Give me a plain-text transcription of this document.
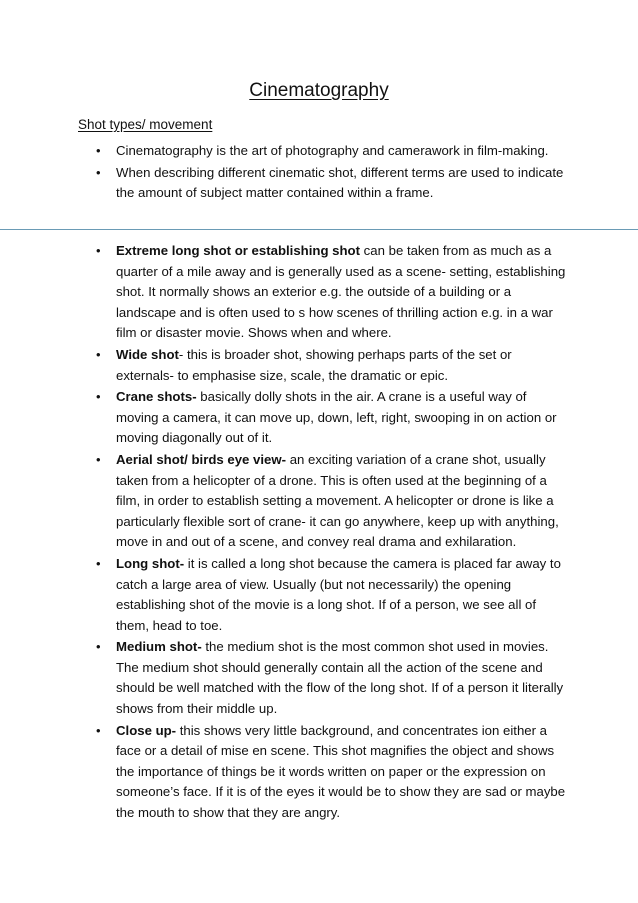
Cinematography
Shot types/ movement
• Cinematography is the art of photography and camerawork in film-making.
• When describing different cinematic shot, different terms are used to indicate the amount of subject matter contained within a frame.
• Extreme long shot or establishing shot can be taken from as much as a quarter of a mile away and is generally used as a scene- setting, establishing shot. It normally shows an exterior e.g. the outside of a building or a landscape and is often used to s how scenes of thrilling action e.g. in a war film or disaster movie. Shows when and where.
• Wide shot- this is broader shot, showing perhaps parts of the set or externals- to emphasise size, scale, the dramatic or epic.
• Crane shots- basically dolly shots in the air. A crane is a useful way of moving a camera, it can move up, down, left, right, swooping in on action or moving diagonally out of it.
• Aerial shot/ birds eye view- an exciting variation of a crane shot, usually taken from a helicopter of a drone. This is often used at the beginning of a film, in order to establish setting a movement. A helicopter or drone is like a particularly flexible sort of crane- it can go anywhere, keep up with anything, move in and out of a scene, and convey real drama and exhilaration.
• Long shot- it is called a long shot because the camera is placed far away to catch a large area of view. Usually (but not necessarily) the opening establishing shot of the movie is a long shot. If of a person, we see all of them, head to toe.
• Medium shot- the medium shot is the most common shot used in movies. The medium shot should generally contain all the action of the scene and should be well matched with the flow of the long shot. If of a person it literally shows from their middle up.
• Close up- this shows very little background, and concentrates ion either a face or a detail of mise en scene. This shot magnifies the object and shows the importance of things be it words written on paper or the expression on someone’s face. If it is of the eyes it would be to show they are sad or maybe the mouth to show that they are angry.
